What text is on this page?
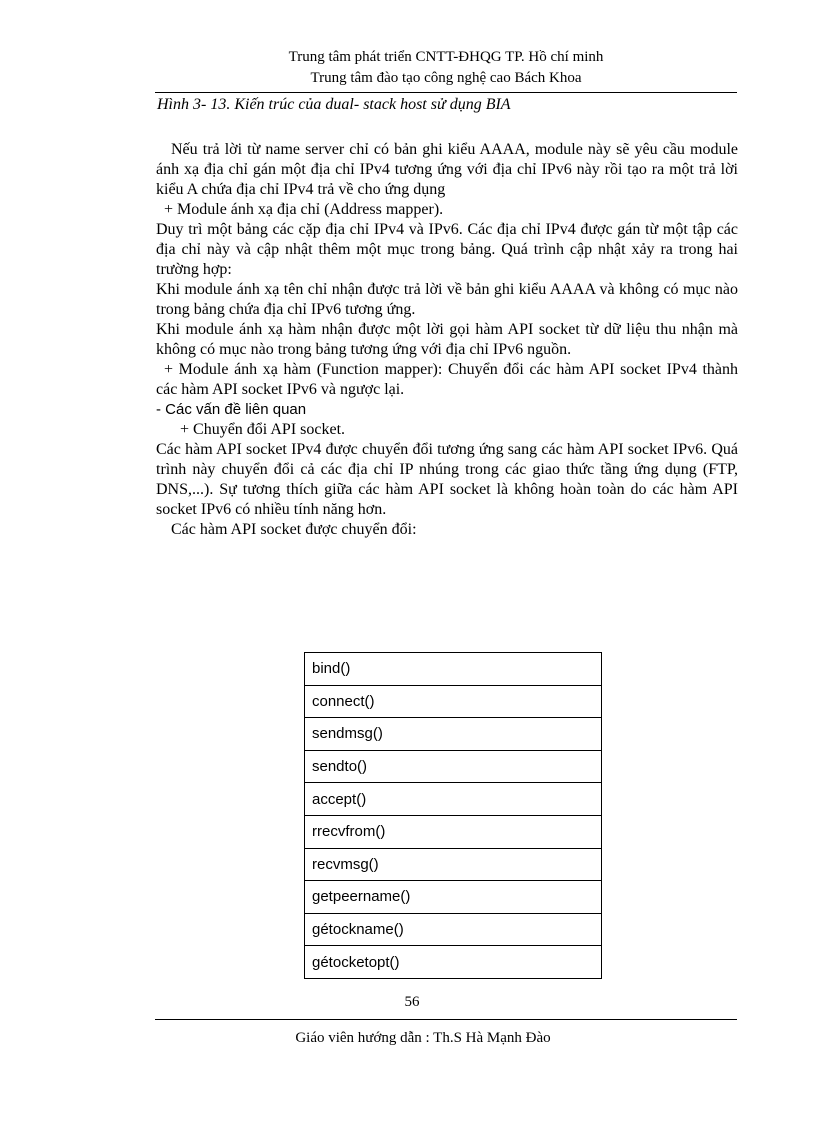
Trung tâm phát triển CNTT-ĐHQG TP. Hồ chí minh
Trung tâm đào tạo công nghệ cao Bách Khoa
Hình 3- 13. Kiến trúc của dual- stack host sử dụng BIA

Nếu trả lời từ name server chỉ có bản ghi kiểu AAAA, module này sẽ yêu cầu module ánh xạ địa chỉ gán một địa chỉ IPv4 tương ứng với địa chỉ IPv6 này rồi tạo ra một trả lời kiểu A chứa địa chỉ IPv4 trả về cho ứng dụng

+ Module ánh xạ địa chỉ (Address mapper).

Duy trì một bảng các cặp địa chỉ IPv4 và IPv6. Các địa chỉ IPv4 được gán từ một tập các địa chỉ này và cập nhật thêm một mục trong bảng. Quá trình cập nhật xảy ra trong hai trường hợp:

Khi module ánh xạ tên chỉ nhận được trả lời về bản ghi kiểu AAAA và không có mục nào trong bảng chứa địa chỉ IPv6 tương ứng.

Khi module ánh xạ hàm nhận được một lời gọi hàm API socket từ dữ liệu thu nhận mà không có mục nào trong bảng tương ứng với địa chỉ IPv6 nguồn.

+ Module ánh xạ hàm (Function mapper): Chuyển đổi các hàm API socket IPv4 thành các hàm API socket IPv6 và ngược lại.

- Các vấn đề liên quan

+ Chuyển đổi API socket.

Các hàm API socket IPv4 được chuyển đổi tương ứng sang các hàm API socket IPv6. Quá trình này chuyển đổi cả các địa chỉ IP nhúng trong các giao thức tầng ứng dụng (FTP, DNS,...). Sự tương thích giữa các hàm API socket là không hoàn toàn do các hàm API socket IPv6 có nhiều tính năng hơn.

Các hàm API socket được chuyển đổi:

bind()
connect()
sendmsg()
sendto()
accept()
rrecvfrom()
recvmsg()
getpeername()
gétockname()
gétocketopt()
56
Giáo viên hướng dẫn : Th.S Hà Mạnh Đào
